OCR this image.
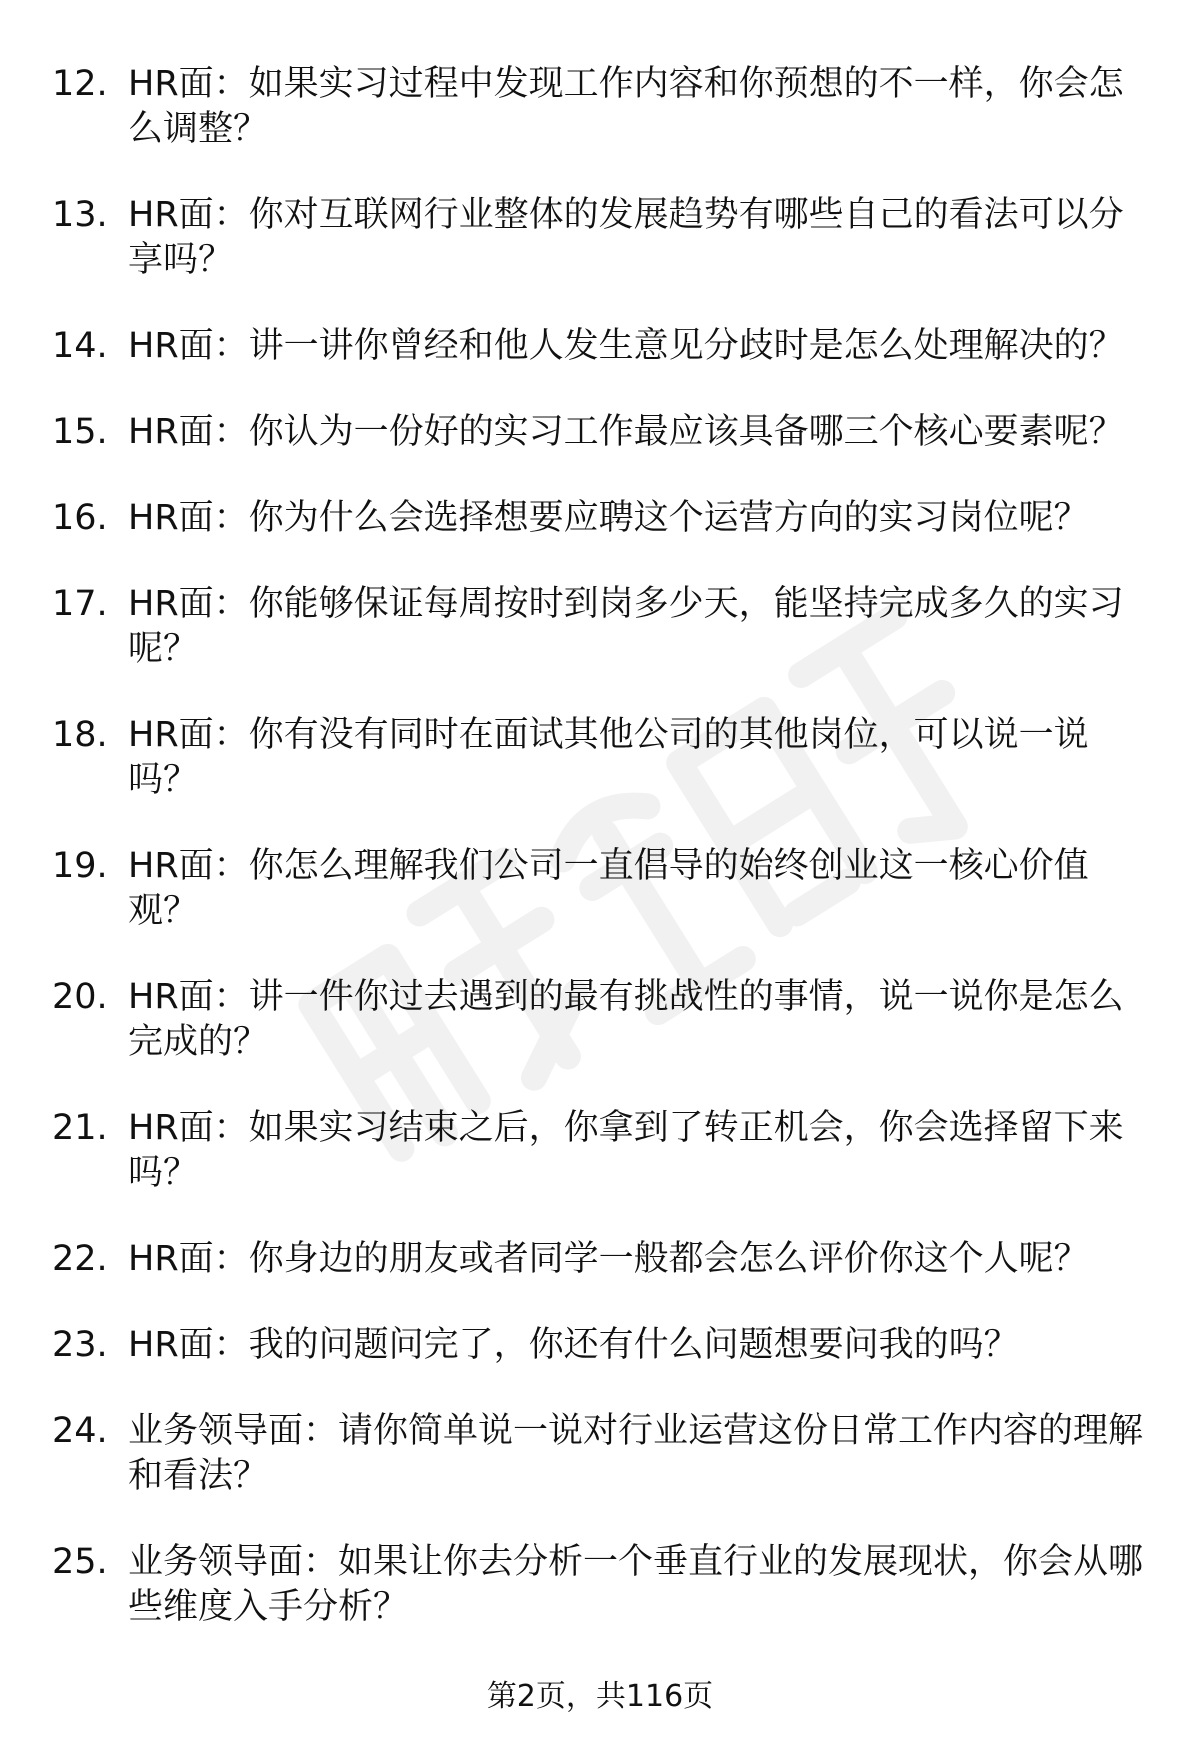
12. HR面：如果实习过程中发现工作内容和你预想的不一样，你会怎么调整？
13. HR面：你对互联网行业整体的发展趋势有哪些自己的看法可以分享吗？
14. HR面：讲一讲你曾经和他人发生意见分歧时是怎么处理解决的？
15. HR面：你认为一份好的实习工作最应该具备哪三个核心要素呢？
16. HR面：你为什么会选择想要应聘这个运营方向的实习岗位呢？
17. HR面：你能够保证每周按时到岗多少天，能坚持完成多久的实习呢？
18. HR面：你有没有同时在面试其他公司的其他岗位，可以说一说吗？
19. HR面：你怎么理解我们公司一直倡导的始终创业这一核心价值观？
20. HR面：讲一件你过去遇到的最有挑战性的事情，说一说你是怎么完成的？
21. HR面：如果实习结束之后，你拿到了转正机会，你会选择留下来吗？
22. HR面：你身边的朋友或者同学一般都会怎么评价你这个人呢？
23. HR面：我的问题问完了，你还有什么问题想要问我的吗？
24. 业务领导面：请你简单说一说对行业运营这份日常工作内容的理解和看法？
25. 业务领导面：如果让你去分析一个垂直行业的发展现状，你会从哪些维度入手分析？
第2页，共116页
